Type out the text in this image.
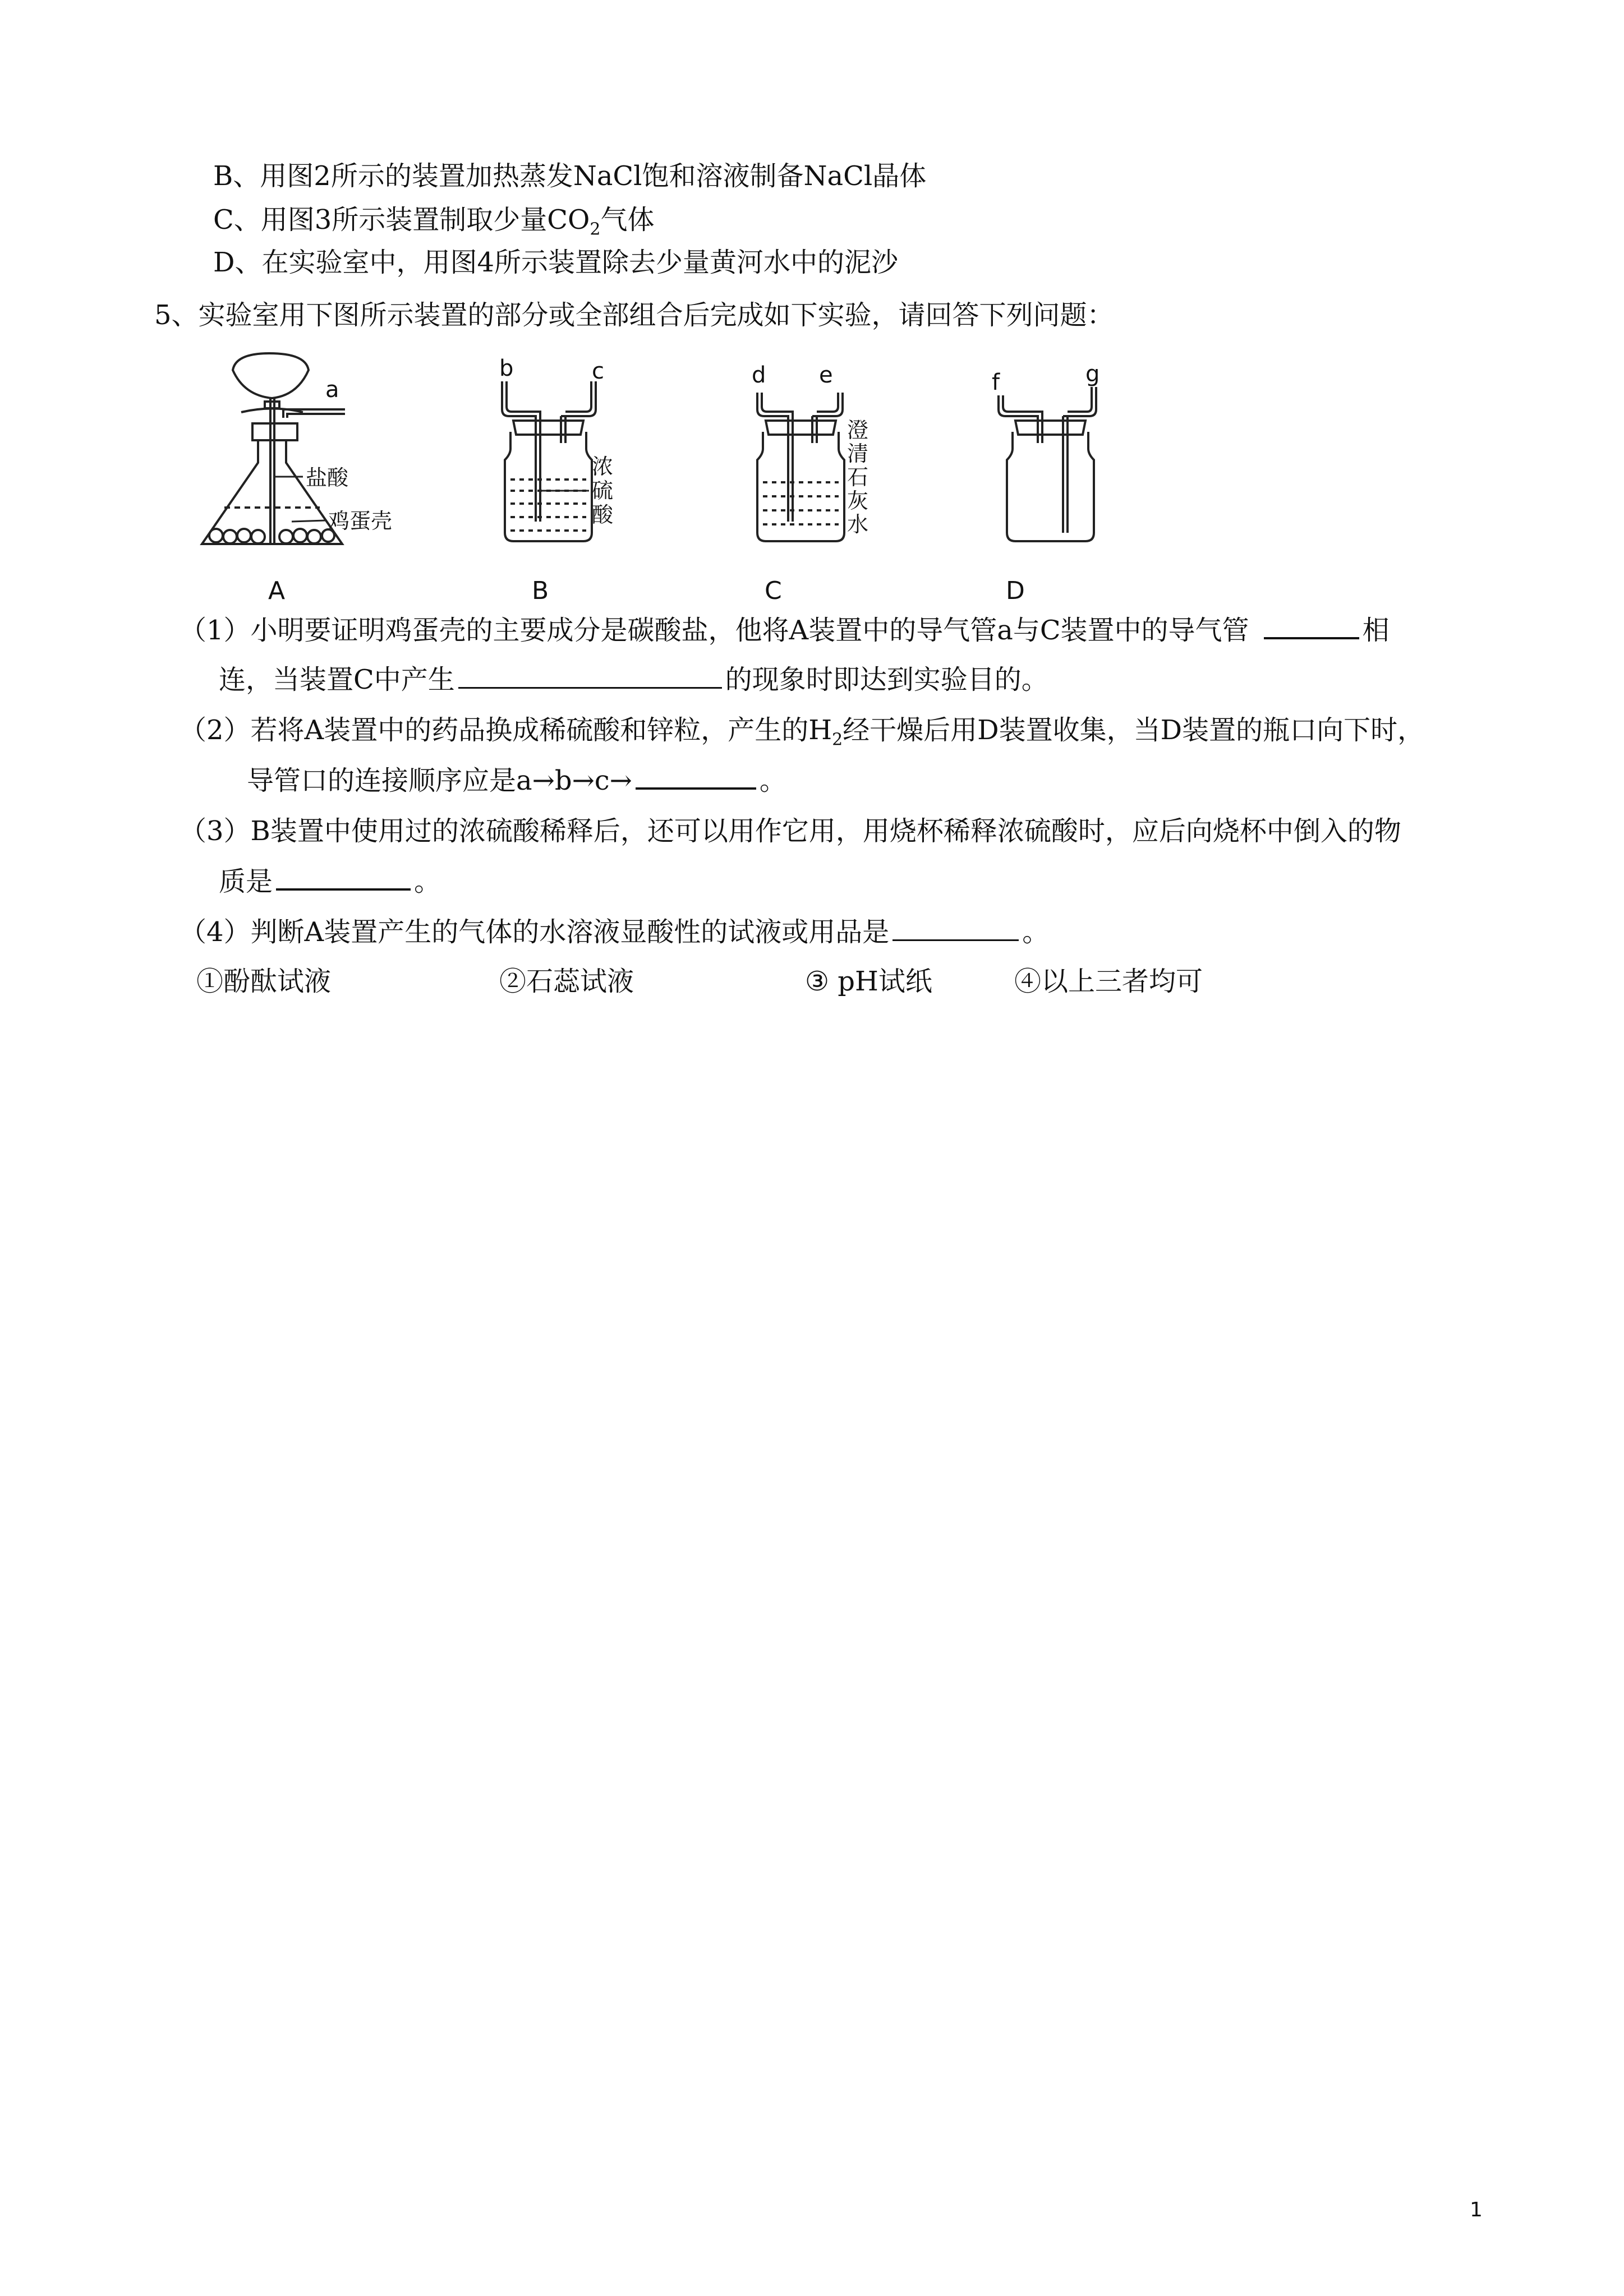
B、用图2所示的装置加热蒸发NaCl饱和溶液制备NaCl晶体
C、用图3所示装置制取少量$CO_2$气体
D、在实验室中，用图4所示装置除去少量黄河水中的泥沙
5、实验室用下图所示装置的部分或全部组合后完成如下实验，请回答下列问题：
a
b	c	d e	f	g
盐酸
鸡蛋壳
浓
硫
酸
澄
清
石
灰
水
A	B	C	D
（1）小明要证明鸡蛋壳的主要成分是碳酸盐，他将A装置中的导气管a与C装置中的导气管	相
连，当装置C中产生	的现象时即达到实验目的。
（2）若将A装置中的药品换成稀硫酸和锌粒，产生的$H_2$经干燥后用D装置收集，当D装置的瓶口向下时，
导管口的连接顺序应是a→b→c→	。
（3）B装置中使用过的浓硫酸稀释后，还可以用作它用，用烧杯稀释浓硫酸时，应后向烧杯中倒入的物
质是	。
（4）判断A装置产生的气体的水溶液显酸性的试液或用品是	。
①酚酞试液	②石蕊试液	③ pH试纸	④以上三者均可
1
